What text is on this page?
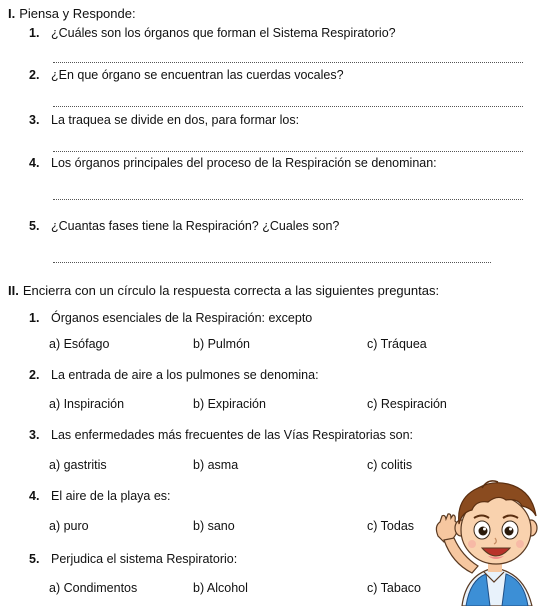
I. Piensa y Responde:
1. ¿Cuáles son los órganos que forman el Sistema Respiratorio?
2. ¿En que órgano se encuentran las cuerdas vocales?
3. La traquea se divide en dos, para formar los:
4. Los órganos principales del proceso de la Respiración se denominan:
5. ¿Cuantas fases tiene la Respiración? ¿Cuales son?
II. Encierra con un círculo la respuesta correcta a las siguientes preguntas:
1. Órganos esenciales de la Respiración: excepto
a) Esófago	b) Pulmón	c) Tráquea
2. La entrada de aire a los pulmones se denomina:
a) Inspiración	b) Expiración	c) Respiración
3. Las enfermedades más frecuentes de las Vías Respiratorias son:
a) gastritis	b) asma	c) colitis
4. El aire de la playa es:
a) puro	b) sano	c) Todas
5. Perjudica el sistema Respiratorio:
a) Condimentos	b) Alcohol	c) Tabaco
